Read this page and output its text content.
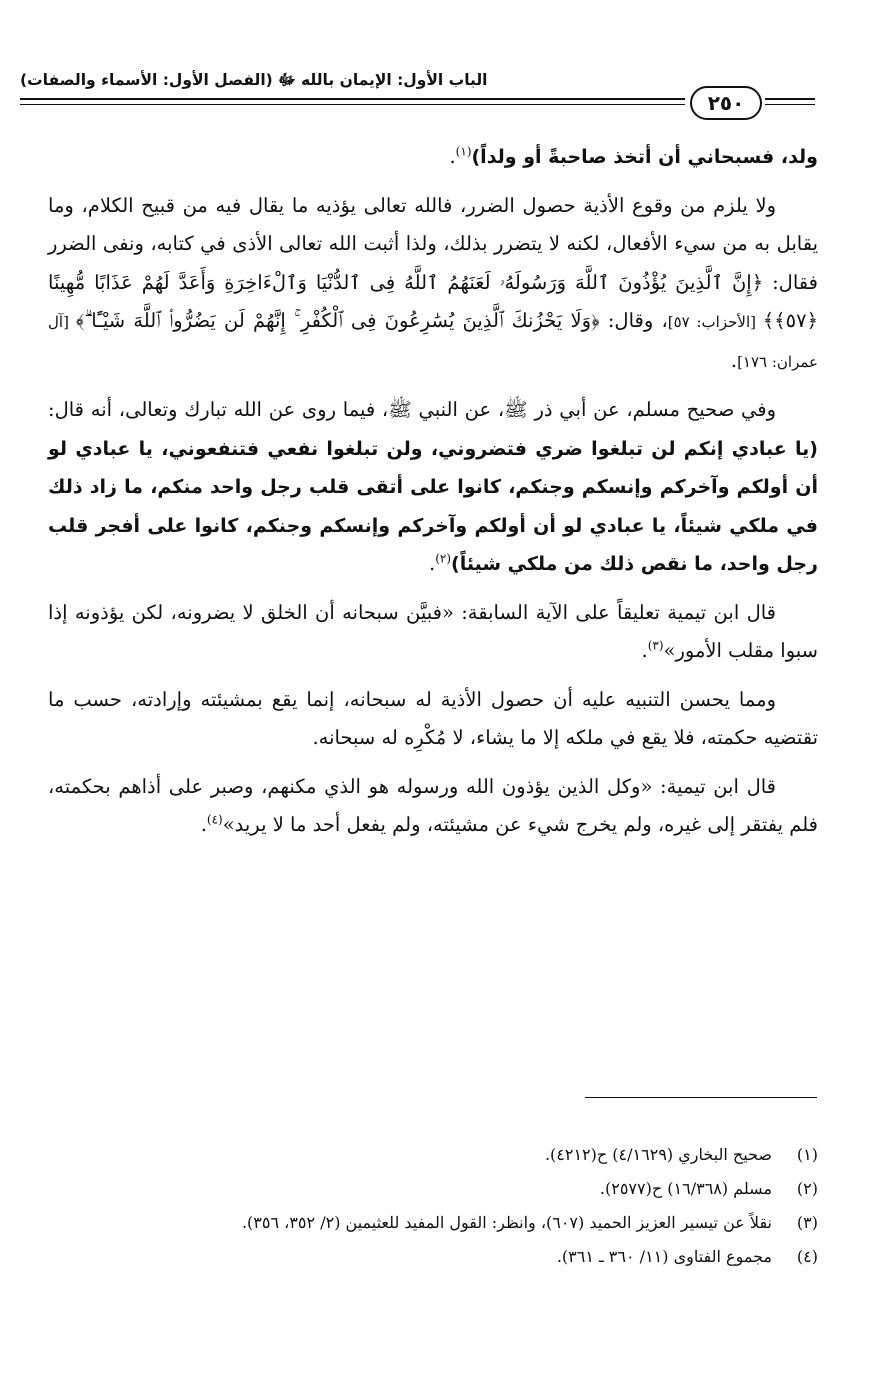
الباب الأول: الإيمان بالله ﷻ (الفصل الأول: الأسماء والصفات)
٢٥٠

ولد، فسبحاني أن أتخذ صاحبةً أو ولداً)$^{(١)}$.

ولا يلزم من وقوع الأذية حصول الضرر، فالله تعالى يؤذيه ما يقال فيه من قبيح الكلام، وما يقابل به من سيء الأفعال، لكنه لا يتضرر بذلك، ولذا أثبت الله تعالى الأذى في كتابه، ونفى الضرر فقال: ﴿إِنَّ ٱلَّذِينَ يُؤْذُونَ ٱللَّهَ وَرَسُولَهُۥ لَعَنَهُمُ ٱللَّهُ فِى ٱلدُّنْيَا وَٱلْءَاخِرَةِ وَأَعَدَّ لَهُمْ عَذَابًا مُّهِينًا ﴿٥٧﴾﴾ [الأحزاب: ٥٧]، وقال: ﴿وَلَا يَحْزُنكَ ٱلَّذِينَ يُسَٰرِعُونَ فِى ٱلْكُفْرِ ۚ إِنَّهُمْ لَن يَضُرُّوا۟ ٱللَّهَ شَيْـًٔا ۗ﴾ [آل عمران: ١٧٦].

وفي صحيح مسلم، عن أبي ذر ﷺ، عن النبي ﷺ، فيما روى عن الله تبارك وتعالى، أنه قال: (يا عبادي إنكم لن تبلغوا ضري فتضروني، ولن تبلغوا نفعي فتنفعوني، يا عبادي لو أن أولكم وآخركم وإنسكم وجنكم، كانوا على أتقى قلب رجل واحد منكم، ما زاد ذلك في ملكي شيئاً، يا عبادي لو أن أولكم وآخركم وإنسكم وجنكم، كانوا على أفجر قلب رجل واحد، ما نقص ذلك من ملكي شيئاً)$^{(٢)}$.

قال ابن تيمية تعليقاً على الآية السابقة: «فبيَّن سبحانه أن الخلق لا يضرونه، لكن يؤذونه إذا سبوا مقلب الأمور»$^{(٣)}$.

ومما يحسن التنبيه عليه أن حصول الأذية له سبحانه، إنما يقع بمشيئته وإرادته، حسب ما تقتضيه حكمته، فلا يقع في ملكه إلا ما يشاء، لا مُكْرِه له سبحانه.

قال ابن تيمية: «وكل الذين يؤذون الله ورسوله هو الذي مكنهم، وصبر على أذاهم بحكمته، فلم يفتقر إلى غيره، ولم يخرج شيء عن مشيئته، ولم يفعل أحد ما لا يريد»$^{(٤)}$.

(١)
صحيح البخاري (٤/١٦٢٩) ح(٤٢١٢).
(٢)
مسلم (١٦/٣٦٨) ح(٢٥٧٧).
(٣)
نقلاً عن تيسير العزيز الحميد (٦٠٧)، وانظر: القول المفيد للعثيمين (٢/ ٣٥٢، ٣٥٦).
(٤)
مجموع الفتاوى (١١/ ٣٦٠ ـ ٣٦١).
